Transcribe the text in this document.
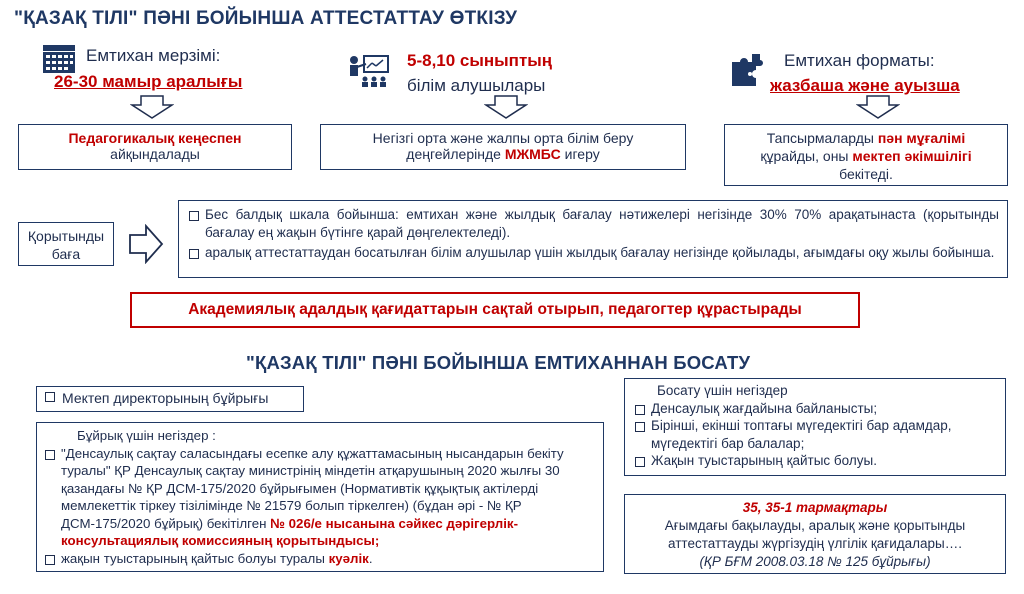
"ҚАЗАҚ ТІЛІ" ПӘНІ БОЙЫНША АТТЕСТАТТАУ ӨТКІЗУ
Емтихан мерзімі:
26-30 мамыр аралығы
Педагогикалық кеңеспен
айқындалады
5-8,10 сыныптың
білім алушылары
Негізгі орта және жалпы орта білім беру
деңгейлерінде МЖМБС игеру
Емтихан форматы:
жазбаша және ауызша
Тапсырмаларды пән мұғалімі
құрайды, оны мектеп әкімшілігі
бекітеді.
Қорытынды
баға
Бес балдық шкала бойынша: емтихан және жылдық бағалау нәтижелері негізінде 30% 70% арақатынаста (қорытынды бағалау ең жақын бүтінге қарай дөңгелектеледі).
аралық аттестаттаудан босатылған білім алушылар үшін жылдық бағалау негізінде қойылады, ағымдағы оқу жылы бойынша.
Академиялық адалдық қағидаттарын сақтай отырып, педагогтер құрастырады
"ҚАЗАҚ ТІЛІ" ПӘНІ БОЙЫНША ЕМТИХАННАН БОСАТУ
Мектеп директорының бұйрығы
Бұйрық үшін негіздер :
"Денсаулық сақтау саласындағы есепке алу құжаттамасының нысандарын бекіту туралы" ҚР Денсаулық сақтау министрінің міндетін атқарушының 2020 жылғы 30 қазандағы № ҚР ДСМ-175/2020 бұйрығымен (Нормативтік құқықтық актілерді мемлекеттік тіркеу тізілімінде № 21579 болып тіркелген) (бұдан әрі - № ҚР ДСМ-175/2020 бұйрық) бекітілген № 026/е нысанына сәйкес дәрігерлік-консультациялық комиссияның қорытындысы;
жақын туыстарының қайтыс болуы туралы куәлік.
Босату үшін негіздер
Денсаулық жағдайына байланысты;
Бірінші, екінші топтағы мүгедектігі бар адамдар, мүгедектігі бар балалар;
Жақын туыстарының қайтыс болуы.
35, 35-1 тармақтары
Ағымдағы бақылауды, аралық және қорытынды
аттестаттауды жүргізудің үлгілік қағидалары….
(ҚР БҒМ 2008.03.18 № 125 бұйрығы)
